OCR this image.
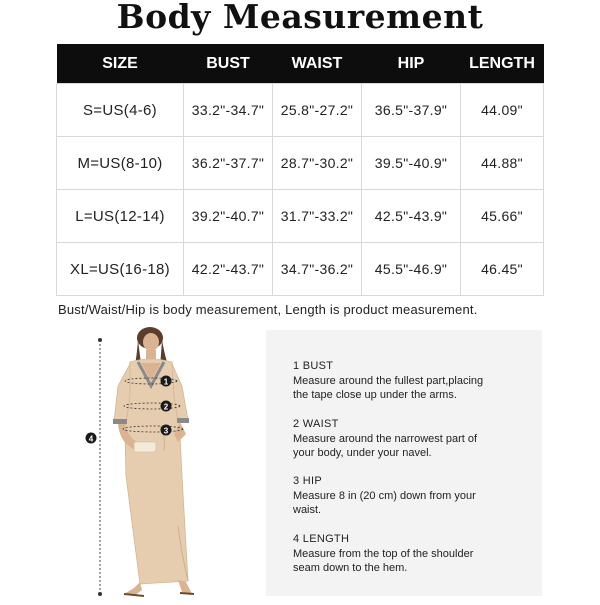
Body Measurement
SIZE	BUST	WAIST	HIP	LENGTH
S=US(4-6)	33.2"-34.7"	25.8"-27.2"	36.5"-37.9"	44.09"
M=US(8-10)	36.2"-37.7"	28.7"-30.2"	39.5"-40.9"	44.88"
L=US(12-14)	39.2"-40.7"	31.7"-33.2"	42.5"-43.9"	45.66"
XL=US(16-18)	42.2"-43.7"	34.7"-36.2"	45.5"-46.9"	46.45"
Bust/Waist/Hip is body measurement, Length is product measurement.
1
2
3
4
1 BUST
Measure around the fullest part,placing
the tape close up under the arms.
2 WAIST
Measure around the narrowest part of
your body, under your navel.
3 HIP
Measure 8 in (20 cm) down from your
waist.
4 LENGTH
Measure from the top of the shoulder
seam down to the hem.
